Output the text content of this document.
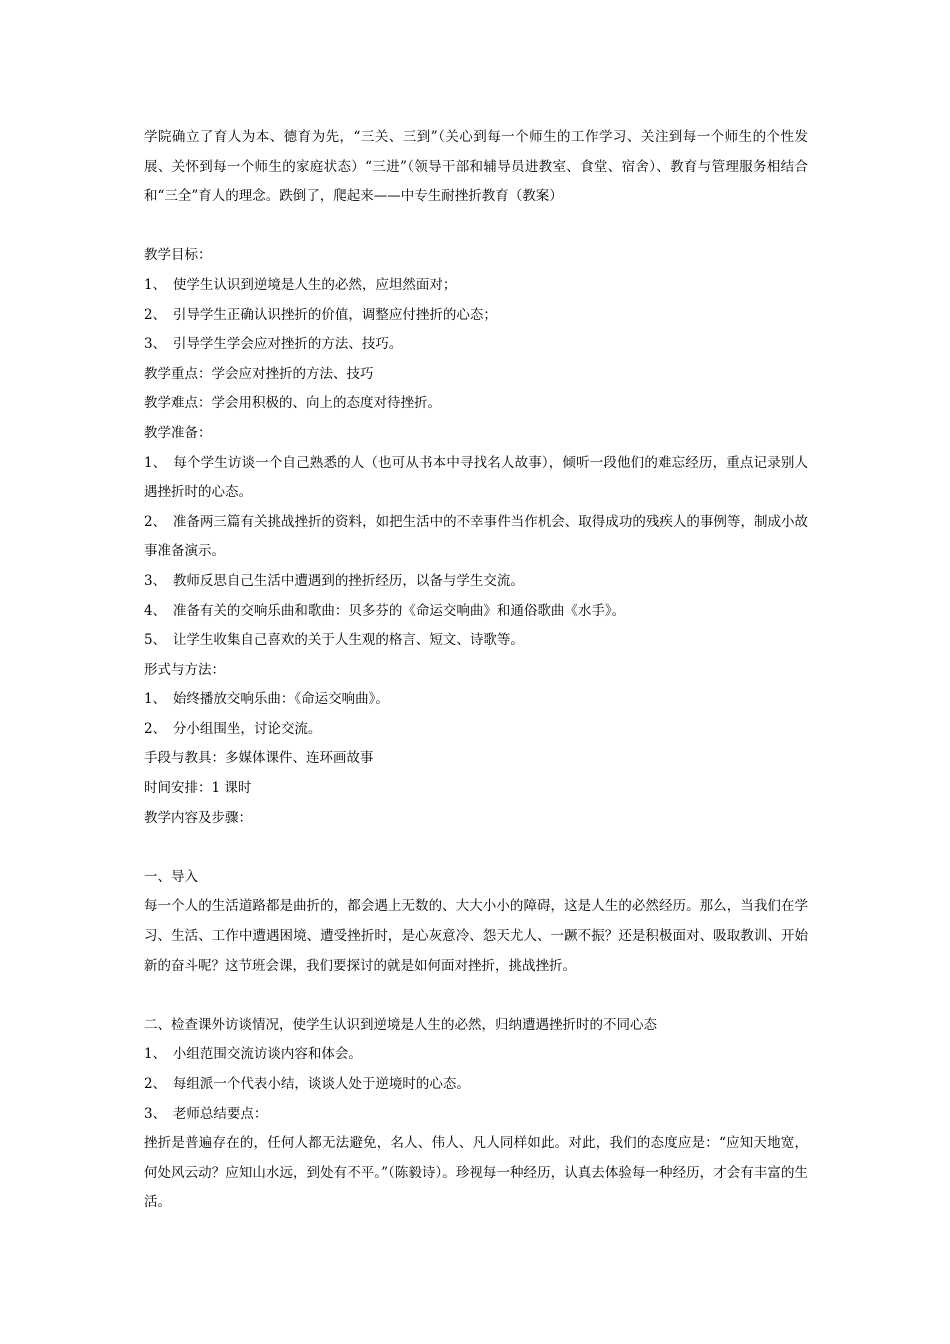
学院确立了育人为本、德育为先，“三关、三到”（关心到每一个师生的工作学习、关注到每一个师生的个性发展、关怀到每一个师生的家庭状态）“三进”（领导干部和辅导员进教室、食堂、宿舍）、教育与管理服务相结合和“三全”育人的理念。跌倒了，爬起来——中专生耐挫折教育（教案）

教学目标：

1、　使学生认识到逆境是人生的必然，应坦然面对；

2、　引导学生正确认识挫折的价值，调整应付挫折的心态；

3、　引导学生学会应对挫折的方法、技巧。

教学重点：学会应对挫折的方法、技巧

教学难点：学会用积极的、向上的态度对待挫折。

教学准备：

1、　每个学生访谈一个自己熟悉的人（也可从书本中寻找名人故事），倾听一段他们的难忘经历，重点记录别人遇挫折时的心态。

2、　准备两三篇有关挑战挫折的资料，如把生活中的不幸事件当作机会、取得成功的残疾人的事例等，制成小故事准备演示。

3、　教师反思自己生活中遭遇到的挫折经历，以备与学生交流。

4、　准备有关的交响乐曲和歌曲：贝多芬的《命运交响曲》和通俗歌曲《水手》。

5、　让学生收集自己喜欢的关于人生观的格言、短文、诗歌等。

形式与方法：

1、　始终播放交响乐曲：《命运交响曲》。

2、　分小组围坐，讨论交流。

手段与教具：多媒体课件、连环画故事

时间安排：1 课时

教学内容及步骤：

一、导入

每一个人的生活道路都是曲折的，都会遇上无数的、大大小小的障碍，这是人生的必然经历。那么，当我们在学习、生活、工作中遭遇困境、遭受挫折时，是心灰意冷、怨天尤人、一蹶不振？还是积极面对、吸取教训、开始新的奋斗呢？这节班会课，我们要探讨的就是如何面对挫折，挑战挫折。

二、检查课外访谈情况，使学生认识到逆境是人生的必然，归纳遭遇挫折时的不同心态

1、　小组范围交流访谈内容和体会。

2、　每组派一个代表小结，谈谈人处于逆境时的心态。

3、　老师总结要点：

挫折是普遍存在的，任何人都无法避免，名人、伟人、凡人同样如此。对此，我们的态度应是：“应知天地宽，何处风云动？应知山水远，到处有不平。”（陈毅诗）。珍视每一种经历，认真去体验每一种经历，才会有丰富的生活。
